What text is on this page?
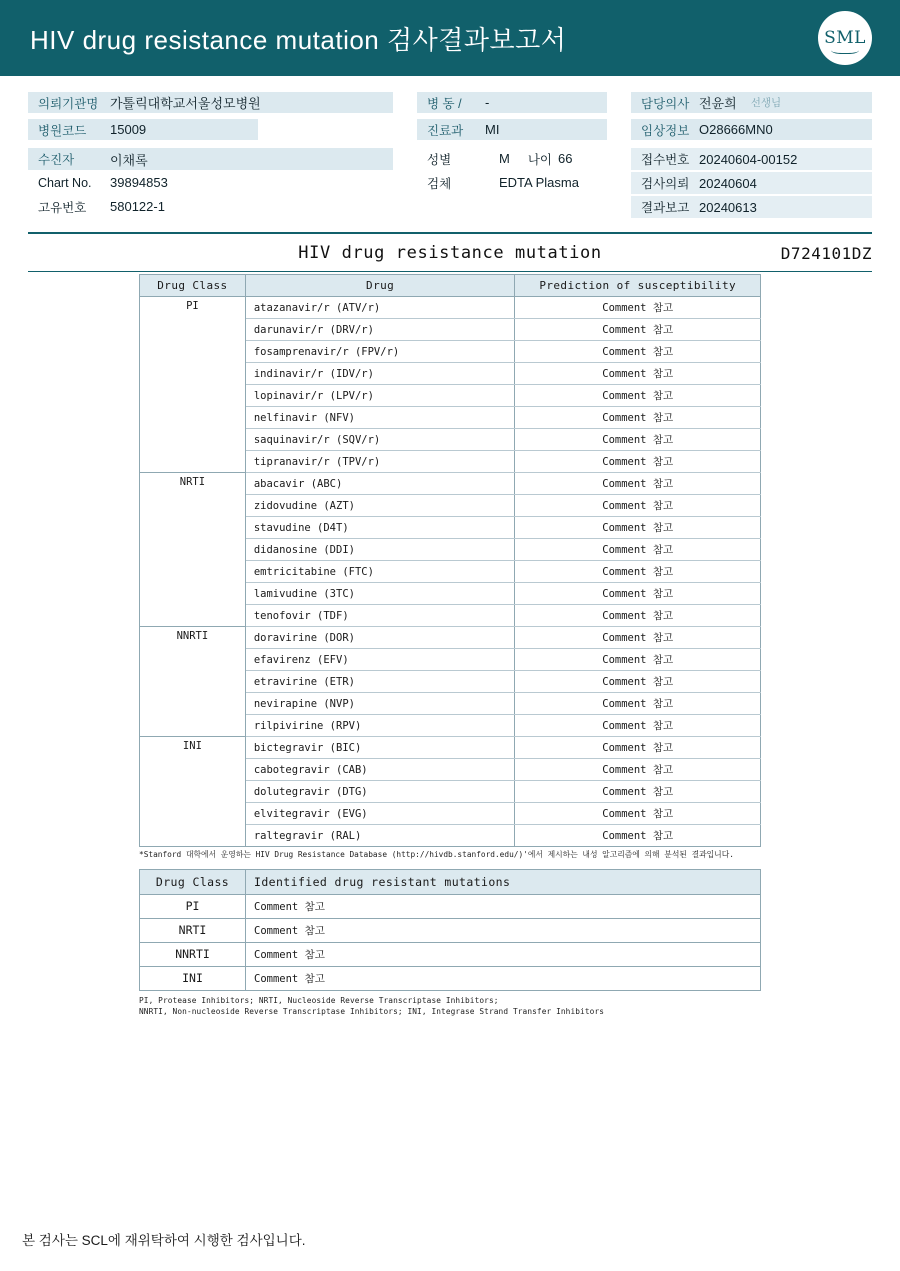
HIV drug resistance mutation 검사결과보고서	SML
의뢰기관명 가톨릭대학교서울성모병원	병 동 /	-	담당의사 전윤희	선생님
병원코드	15009	진료과	MI	임상정보 O28666MN0
수진자	이채록	성별	M	나이 66	접수번호 20240604-00152
Chart No.	39894853	검체	EDTA Plasma	검사의뢰 20240604
고유번호	580122-1	결과보고 20240613
HIV drug resistance mutation	D724101DZ
Drug Class	Drug	Prediction of susceptibility
PI	atazanavir/r (ATV/r)	Comment 참고
	darunavir/r (DRV/r)	Comment 참고
	fosamprenavir/r (FPV/r)	Comment 참고
	indinavir/r (IDV/r)	Comment 참고
	lopinavir/r (LPV/r)	Comment 참고
	nelfinavir (NFV)	Comment 참고
	saquinavir/r (SQV/r)	Comment 참고
	tipranavir/r (TPV/r)	Comment 참고
NRTI	abacavir (ABC)	Comment 참고
	zidovudine (AZT)	Comment 참고
	stavudine (D4T)	Comment 참고
	didanosine (DDI)	Comment 참고
	emtricitabine (FTC)	Comment 참고
	lamivudine (3TC)	Comment 참고
	tenofovir (TDF)	Comment 참고
NNRTI	doravirine (DOR)	Comment 참고
	efavirenz (EFV)	Comment 참고
	etravirine (ETR)	Comment 참고
	nevirapine (NVP)	Comment 참고
	rilpivirine (RPV)	Comment 참고
INI	bictegravir (BIC)	Comment 참고
	cabotegravir (CAB)	Comment 참고
	dolutegravir (DTG)	Comment 참고
	elvitegravir (EVG)	Comment 참고
	raltegravir (RAL)	Comment 참고
*Stanford 대학에서 운영하는 HIV Drug Resistance Database (http://hivdb.stanford.edu/)'에서 제시하는 내성 알고리즘에 의해 분석된 결과입니다.
Drug Class	Identified drug resistant mutations
PI	Comment 참고
NRTI	Comment 참고
NNRTI	Comment 참고
INI	Comment 참고
PI, Protease Inhibitors; NRTI, Nucleoside Reverse Transcriptase Inhibitors;
NNRTI, Non-nucleoside Reverse Transcriptase Inhibitors; INI, Integrase Strand Transfer Inhibitors
본 검사는 SCL에 재위탁하여 시행한 검사입니다.
